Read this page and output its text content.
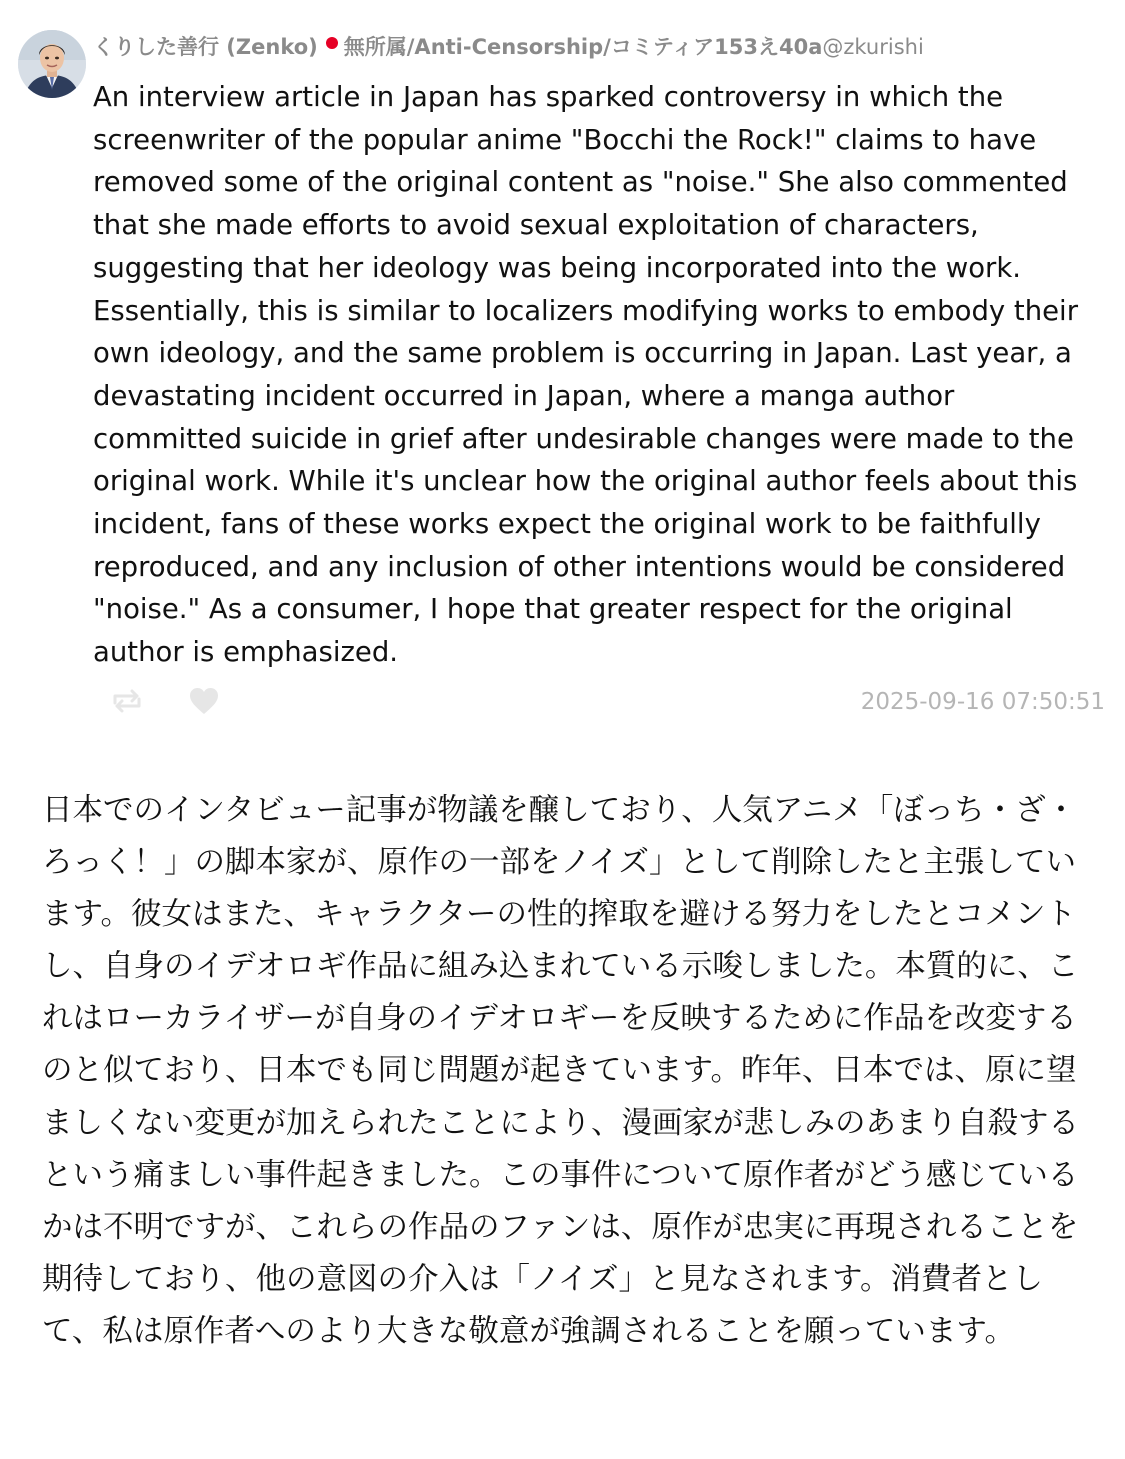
くりした善行 (Zenko) 無所属/Anti-Censorship/コミティア153え40a @zkurishi

An interview article in Japan has sparked controversy in which the screenwriter of the popular anime "Bocchi the Rock!" claims to have removed some of the original content as "noise." She also commented that she made efforts to avoid sexual exploitation of characters, suggesting that her ideology was being incorporated into the work. Essentially, this is similar to localizers modifying works to embody their own ideology, and the same problem is occurring in Japan. Last year, a devastating incident occurred in Japan, where a manga author committed suicide in grief after undesirable changes were made to the original work. While it's unclear how the original author feels about this incident, fans of these works expect the original work to be faithfully reproduced, and any inclusion of other intentions would be considered "noise." As a consumer, I hope that greater respect for the original author is emphasized.

2025-09-16 07:50:51
日本でのインタビュー記事が物議を醸しており、人気アニメ「ぼっち・ざ・ろっく！」の脚本家が、原作の一部をノイズ」として削除したと主張しています。彼女はまた、キャラクターの性的搾取を避ける努力をしたとコメントし、自身のイデオロギ作品に組み込まれている示唆しました。本質的に、これはローカライザーが自身のイデオロギーを反映するために作品を改変するのと似ており、日本でも同じ問題が起きています。昨年、日本では、原に望ましくない変更が加えられたことにより、漫画家が悲しみのあまり自殺するという痛ましい事件起きました。この事件について原作者がどう感じているかは不明ですが、これらの作品のファンは、原作が忠実に再現されることを期待しており、他の意図の介入は「ノイズ」と見なされます。消費者として、私は原作者へのより大きな敬意が強調されることを願っています。
